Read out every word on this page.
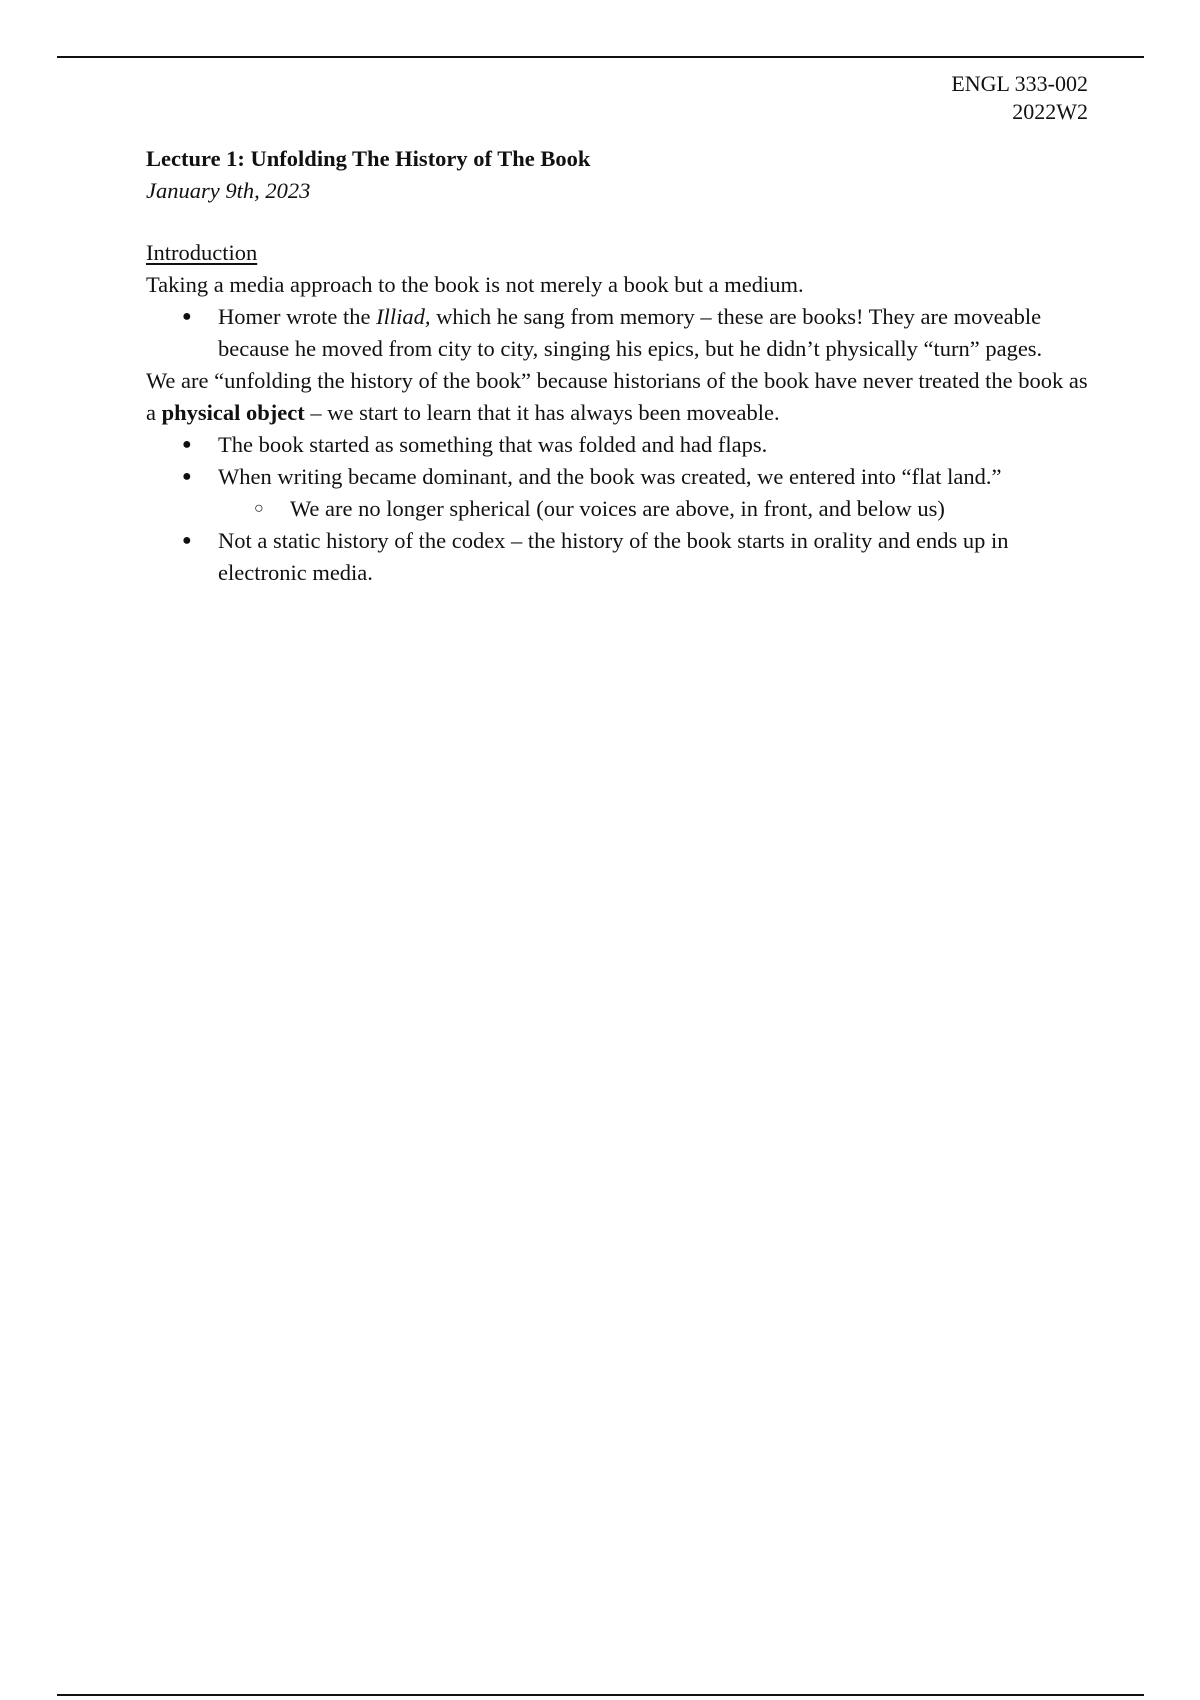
ENGL 333-002
2022W2

Lecture 1: Unfolding The History of The Book

January 9th, 2023

Introduction

Taking a media approach to the book is not merely a book but a medium.

● Homer wrote the Illiad, which he sang from memory – these are books! They are moveable because he moved from city to city, singing his epics, but he didn’t physically “turn” pages.

We are “unfolding the history of the book” because historians of the book have never treated the book as a physical object – we start to learn that it has always been moveable.

● The book started as something that was folded and had flaps.
● When writing became dominant, and the book was created, we entered into “flat land.”
○ We are no longer spherical (our voices are above, in front, and below us)
● Not a static history of the codex – the history of the book starts in orality and ends up in electronic media.
